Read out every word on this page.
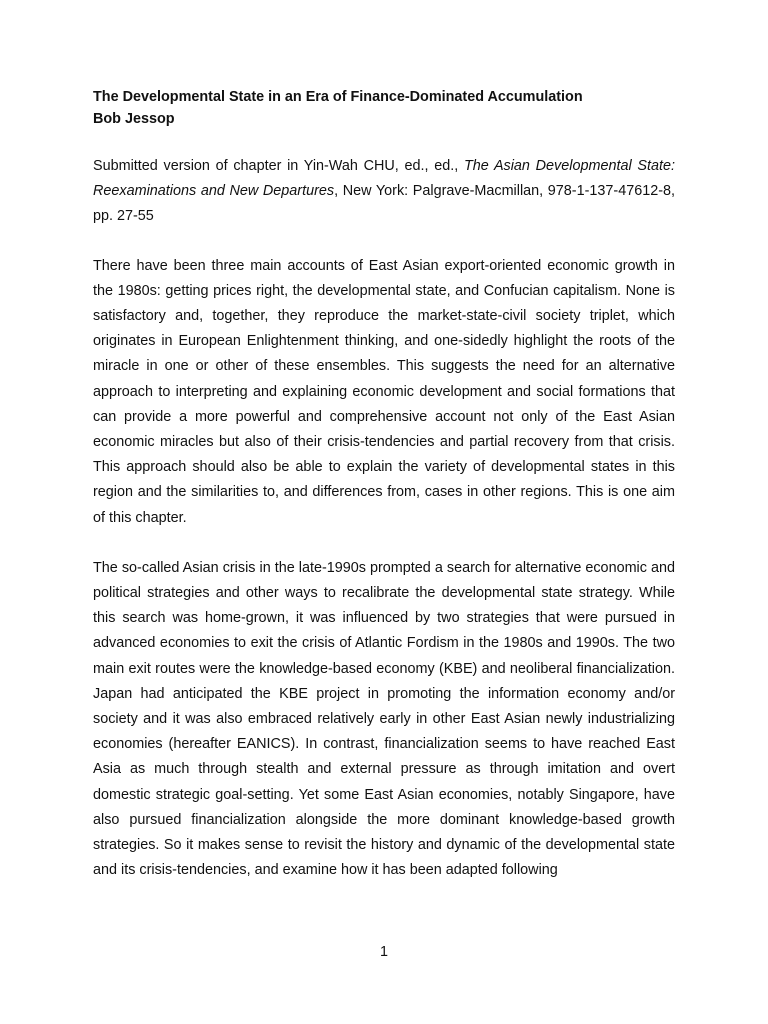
The Developmental State in an Era of Finance-Dominated Accumulation

Bob Jessop

Submitted version of chapter in Yin-Wah CHU, ed., ed., The Asian Developmental State: Reexaminations and New Departures, New York: Palgrave-Macmillan, 978-1-137-47612-8, pp. 27-55

There have been three main accounts of East Asian export-oriented economic growth in the 1980s: getting prices right, the developmental state, and Confucian capitalism. None is satisfactory and, together, they reproduce the market-state-civil society triplet, which originates in European Enlightenment thinking, and one-sidedly highlight the roots of the miracle in one or other of these ensembles. This suggests the need for an alternative approach to interpreting and explaining economic development and social formations that can provide a more powerful and comprehensive account not only of the East Asian economic miracles but also of their crisis-tendencies and partial recovery from that crisis. This approach should also be able to explain the variety of developmental states in this region and the similarities to, and differences from, cases in other regions. This is one aim of this chapter.

The so-called Asian crisis in the late-1990s prompted a search for alternative economic and political strategies and other ways to recalibrate the developmental state strategy. While this search was home-grown, it was influenced by two strategies that were pursued in advanced economies to exit the crisis of Atlantic Fordism in the 1980s and 1990s. The two main exit routes were the knowledge-based economy (KBE) and neoliberal financialization. Japan had anticipated the KBE project in promoting the information economy and/or society and it was also embraced relatively early in other East Asian newly industrializing economies (hereafter EANICS). In contrast, financialization seems to have reached East Asia as much through stealth and external pressure as through imitation and overt domestic strategic goal-setting. Yet some East Asian economies, notably Singapore, have also pursued financialization alongside the more dominant knowledge-based growth strategies. So it makes sense to revisit the history and dynamic of the developmental state and its crisis-tendencies, and examine how it has been adapted following

1
